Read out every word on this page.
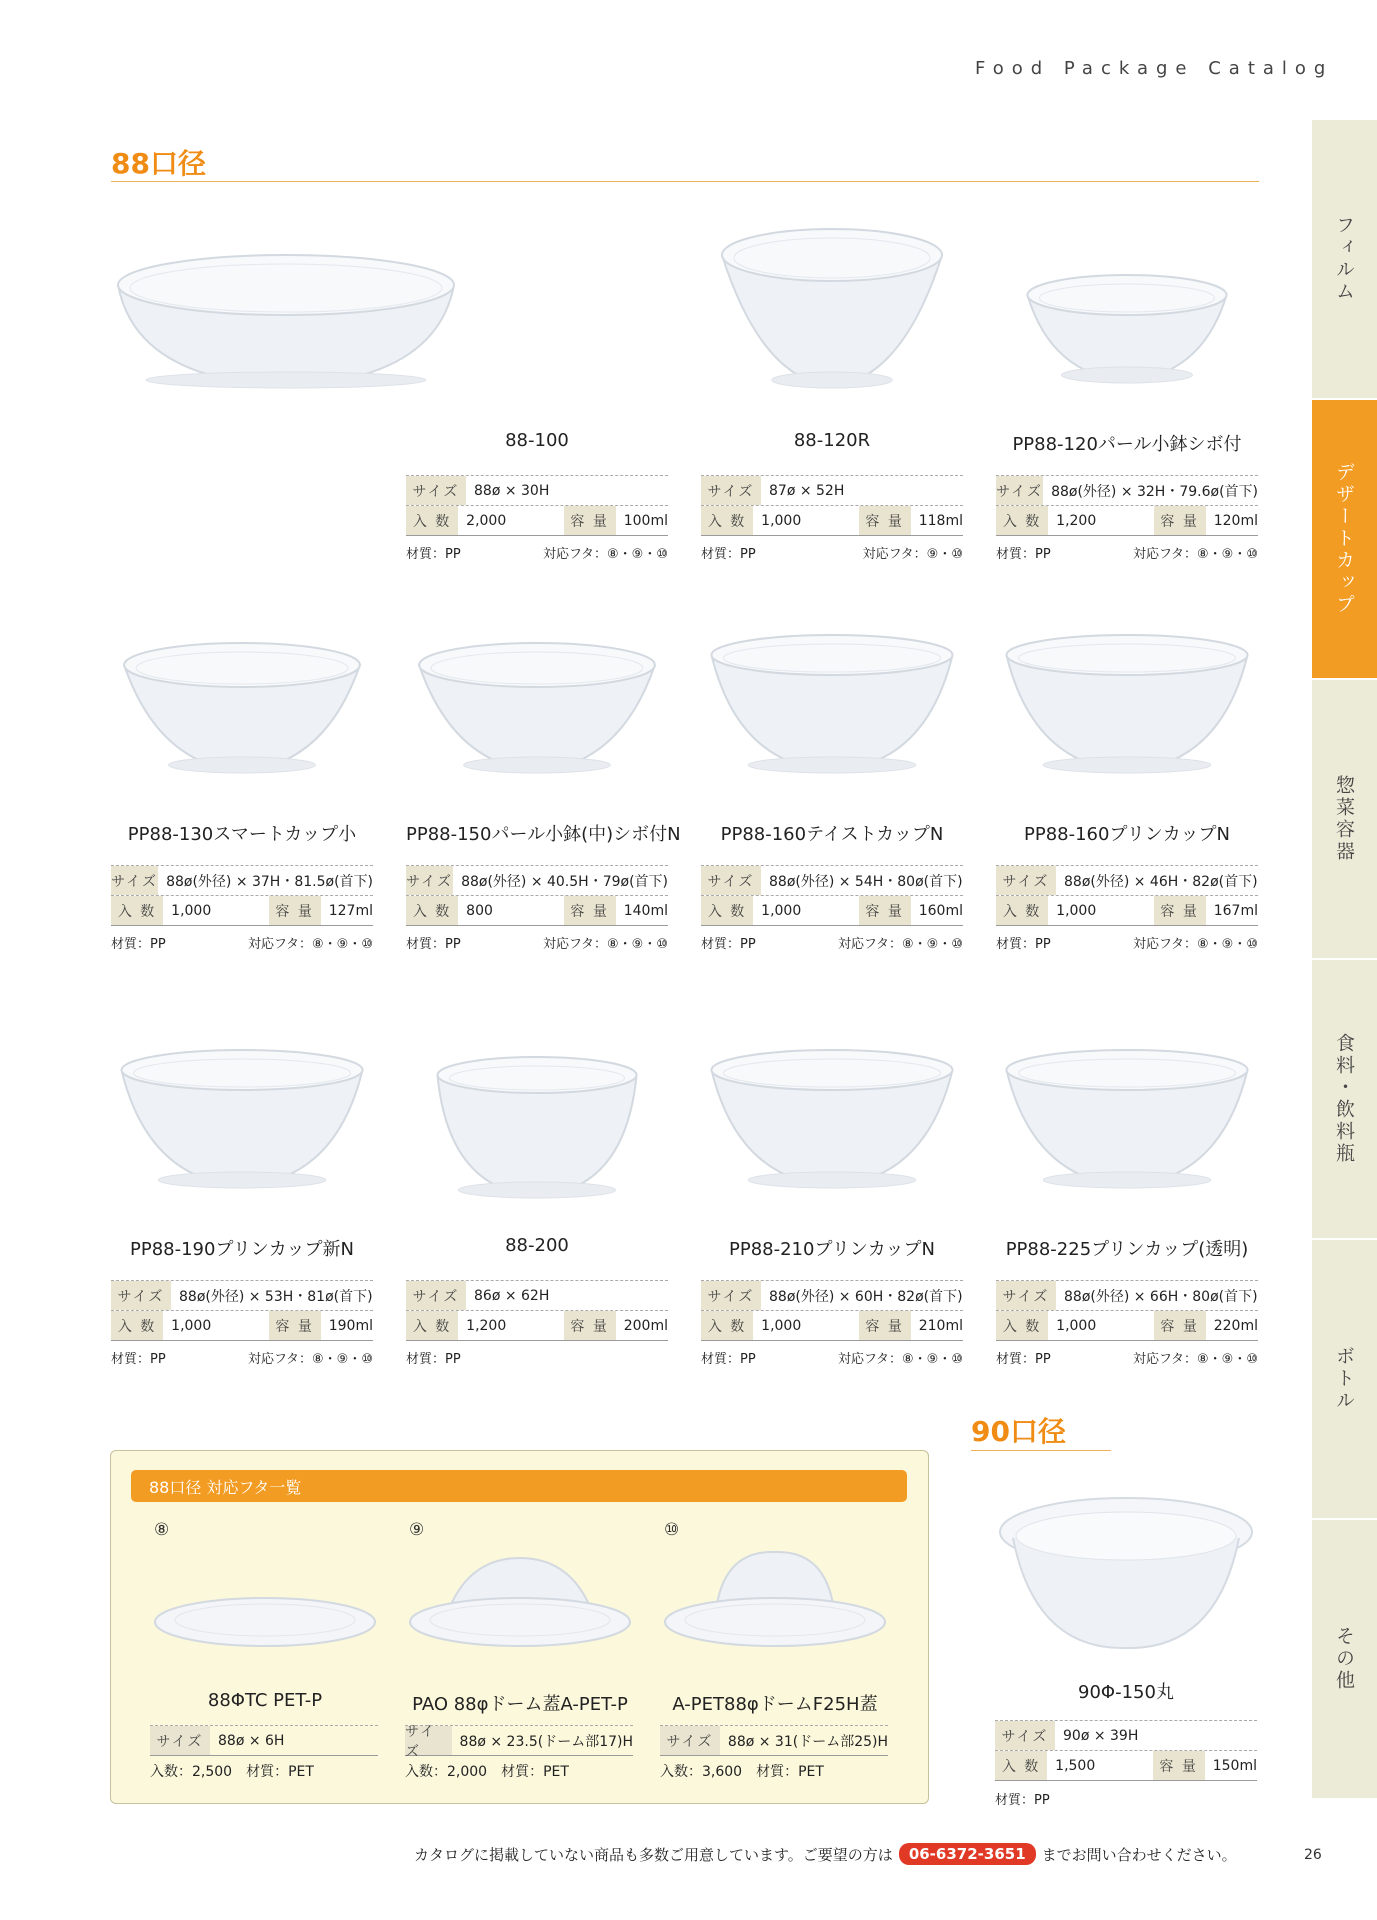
Food Package Catalog
88口径
フィルム
デザートカップ
惣菜容器
食料・飲料瓶
ボトル
その他
88-100
サイズ	88ø × 30H
入 数	2,000	容 量	100ml
材質：PP	対応フタ：⑧・⑨・⑩
88-120R
サイズ	87ø × 52H
入 数	1,000	容 量	118ml
材質：PP	対応フタ：⑨・⑩
PP88-120パール小鉢シボ付
サイズ 88ø(外径) × 32H・79.6ø(首下)
入 数	1,200	容 量	120ml
材質：PP	対応フタ：⑧・⑨・⑩
PP88-130スマートカップ小
サイズ 88ø(外径) × 37H・81.5ø(首下)
入 数	1,000	容 量	127ml
材質：PP	対応フタ：⑧・⑨・⑩
PP88-150パール小鉢(中)シボ付N
サイズ 88ø(外径) × 40.5H・79ø(首下)
入 数	800	容 量	140ml
材質：PP	対応フタ：⑧・⑨・⑩
PP88-160テイストカップN
サイズ	88ø(外径) × 54H・80ø(首下)
入 数	1,000	容 量	160ml
材質：PP	対応フタ：⑧・⑨・⑩
PP88-160プリンカップN
サイズ	88ø(外径) × 46H・82ø(首下)
入 数	1,000	容 量	167ml
材質：PP	対応フタ：⑧・⑨・⑩
PP88-190プリンカップ新N
サイズ	88ø(外径) × 53H・81ø(首下)
入 数	1,000	容 量	190ml
材質：PP	対応フタ：⑧・⑨・⑩
88-200
サイズ	86ø × 62H
入 数	1,200	容 量	200ml
材質：PP
PP88-210プリンカップN
サイズ	88ø(外径) × 60H・82ø(首下)
入 数	1,000	容 量	210ml
材質：PP	対応フタ：⑧・⑨・⑩
PP88-225プリンカップ(透明)
サイズ	88ø(外径) × 66H・80ø(首下)
入 数	1,000	容 量	220ml
材質：PP	対応フタ：⑧・⑨・⑩
90口径
90Φ-150丸
サイズ	90ø × 39H
入 数	1,500	容 量	150ml
材質：PP
88口径 対応フタ一覧
⑧
88ΦTC PET-P
サイズ	88ø × 6H
入数：2,500　材質：PET
⑨
PAO 88φドーム蓋A-PET-P
サイズ
88ø × 23.5(ドーム部17)H
入数：2,000　材質：PET
⑩
A-PET88φドームF25H蓋
サイズ	88ø × 31(ドーム部25)H
入数：3,600　材質：PET
カタログに掲載していない商品も多数ご用意しています。ご要望の方は	06-6372-3651	までお問い合わせください。	26
